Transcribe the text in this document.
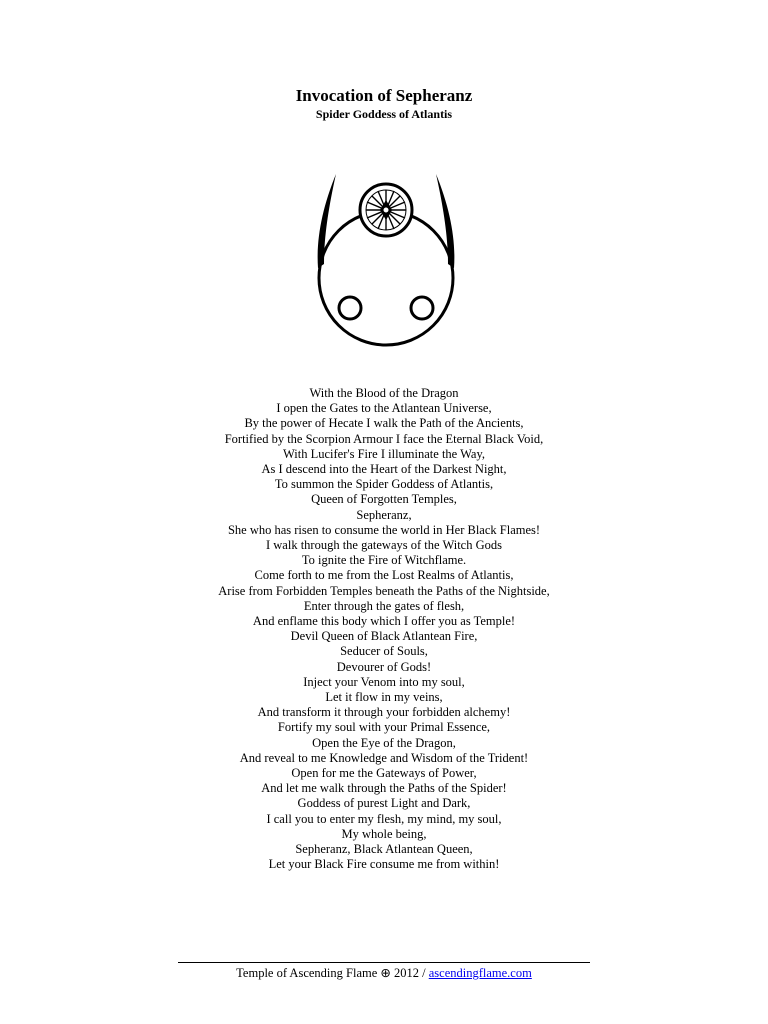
Invocation of Sepheranz
Spider Goddess of Atlantis
With the Blood of the Dragon
I open the Gates to the Atlantean Universe,
By the power of Hecate I walk the Path of the Ancients,
Fortified by the Scorpion Armour I face the Eternal Black Void,
With Lucifer's Fire I illuminate the Way,
As I descend into the Heart of the Darkest Night,
To summon the Spider Goddess of Atlantis,
Queen of Forgotten Temples,
Sepheranz,
She who has risen to consume the world in Her Black Flames!
I walk through the gateways of the Witch Gods
To ignite the Fire of Witchflame.
Come forth to me from the Lost Realms of Atlantis,
Arise from Forbidden Temples beneath the Paths of the Nightside,
Enter through the gates of flesh,
And enflame this body which I offer you as Temple!
Devil Queen of Black Atlantean Fire,
Seducer of Souls,
Devourer of Gods!
Inject your Venom into my soul,
Let it flow in my veins,
And transform it through your forbidden alchemy!
Fortify my soul with your Primal Essence,
Open the Eye of the Dragon,
And reveal to me Knowledge and Wisdom of the Trident!
Open for me the Gateways of Power,
And let me walk through the Paths of the Spider!
Goddess of purest Light and Dark,
I call you to enter my flesh, my mind, my soul,
My whole being,
Sepheranz, Black Atlantean Queen,
Let your Black Fire consume me from within!
Temple of Ascending Flame ⊕ 2012 / ascendingflame.com
